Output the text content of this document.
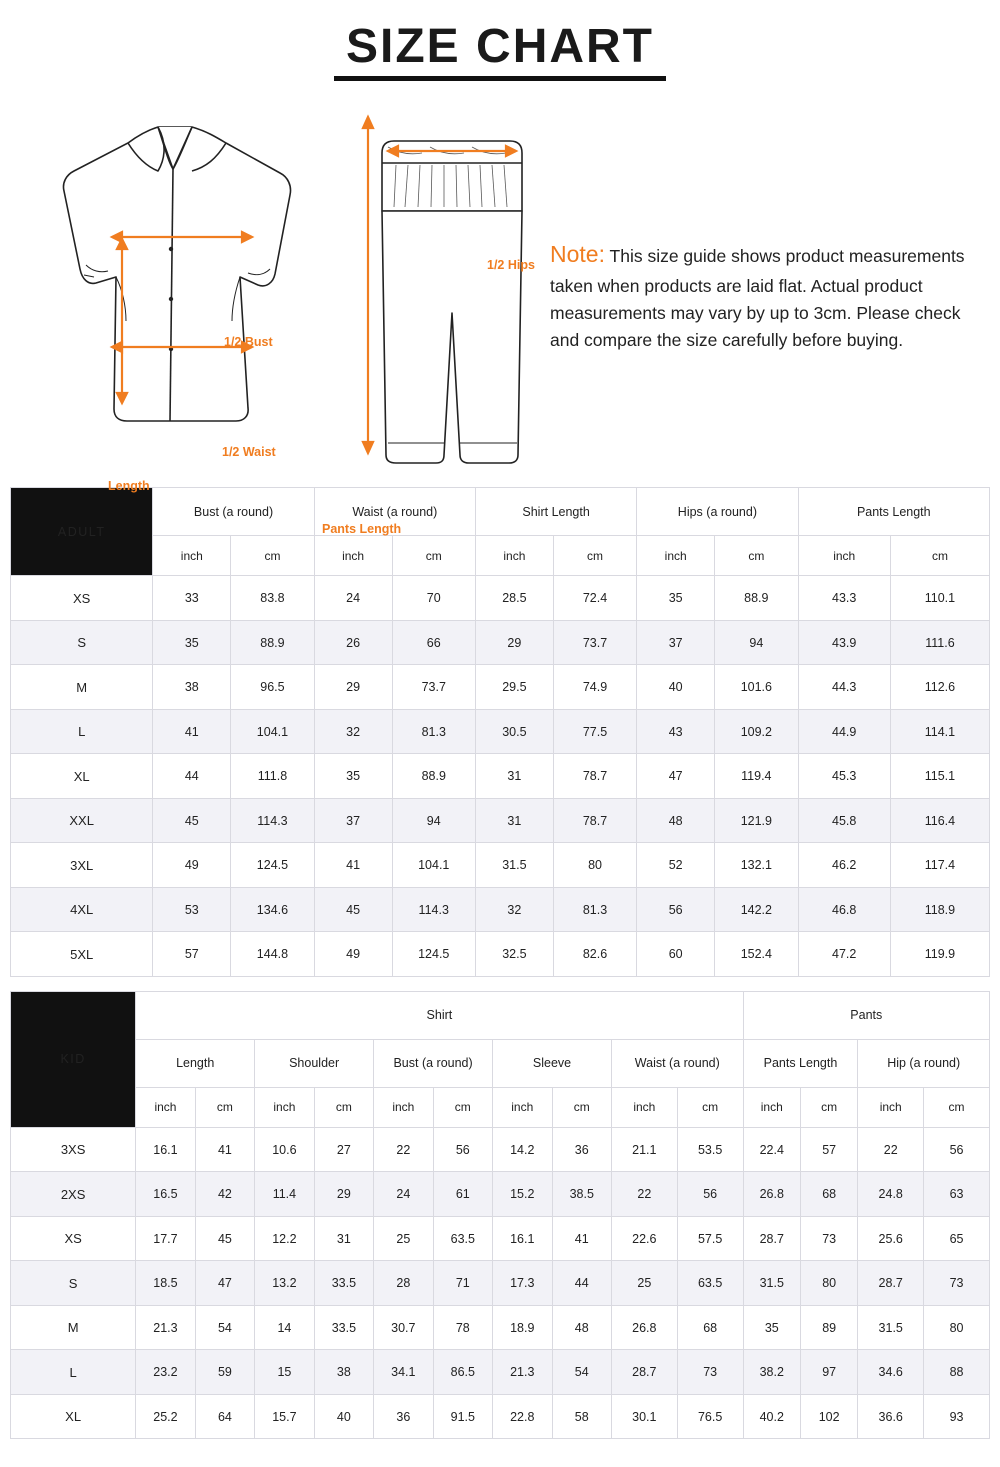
SIZE CHART
1/2 Bust
1/2 Waist
Length
1/2 Hips
Pants Length
Note: This size guide shows product measurements taken when products are laid flat. Actual product measurements may vary by up to 3cm. Please check and compare the size carefully before buying.
ADULT	Bust (a round)		Waist (a round)		Shirt Length		Hips (a round)		Pants Length	
	inch	cm	inch	cm	inch	cm	inch	cm	inch	cm
XS	33	83.8	24	70	28.5	72.4	35	88.9	43.3	110.1
S	35	88.9	26	66	29	73.7	37	94	43.9	111.6
M	38	96.5	29	73.7	29.5	74.9	40	101.6	44.3	112.6
L	41	104.1	32	81.3	30.5	77.5	43	109.2	44.9	114.1
XL	44	111.8	35	88.9	31	78.7	47	119.4	45.3	115.1
XXL	45	114.3	37	94	31	78.7	48	121.9	45.8	116.4
3XL	49	124.5	41	104.1	31.5	80	52	132.1	46.2	117.4
4XL	53	134.6	45	114.3	32	81.3	56	142.2	46.8	118.9
5XL	57	144.8	49	124.5	32.5	82.6	60	152.4	47.2	119.9
KID	Shirt										Pants			
	Length		Shoulder		Bust (a round)		Sleeve		Waist (a round)		Pants Length		Hip (a round)	
	inch	cm	inch	cm	inch	cm	inch	cm	inch	cm	inch	cm	inch	cm
3XS	16.1	41	10.6	27	22	56	14.2	36	21.1	53.5	22.4	57	22	56
2XS	16.5	42	11.4	29	24	61	15.2	38.5	22	56	26.8	68	24.8	63
XS	17.7	45	12.2	31	25	63.5	16.1	41	22.6	57.5	28.7	73	25.6	65
S	18.5	47	13.2	33.5	28	71	17.3	44	25	63.5	31.5	80	28.7	73
M	21.3	54	14	33.5	30.7	78	18.9	48	26.8	68	35	89	31.5	80
L	23.2	59	15	38	34.1	86.5	21.3	54	28.7	73	38.2	97	34.6	88
XL	25.2	64	15.7	40	36	91.5	22.8	58	30.1	76.5	40.2	102	36.6	93
